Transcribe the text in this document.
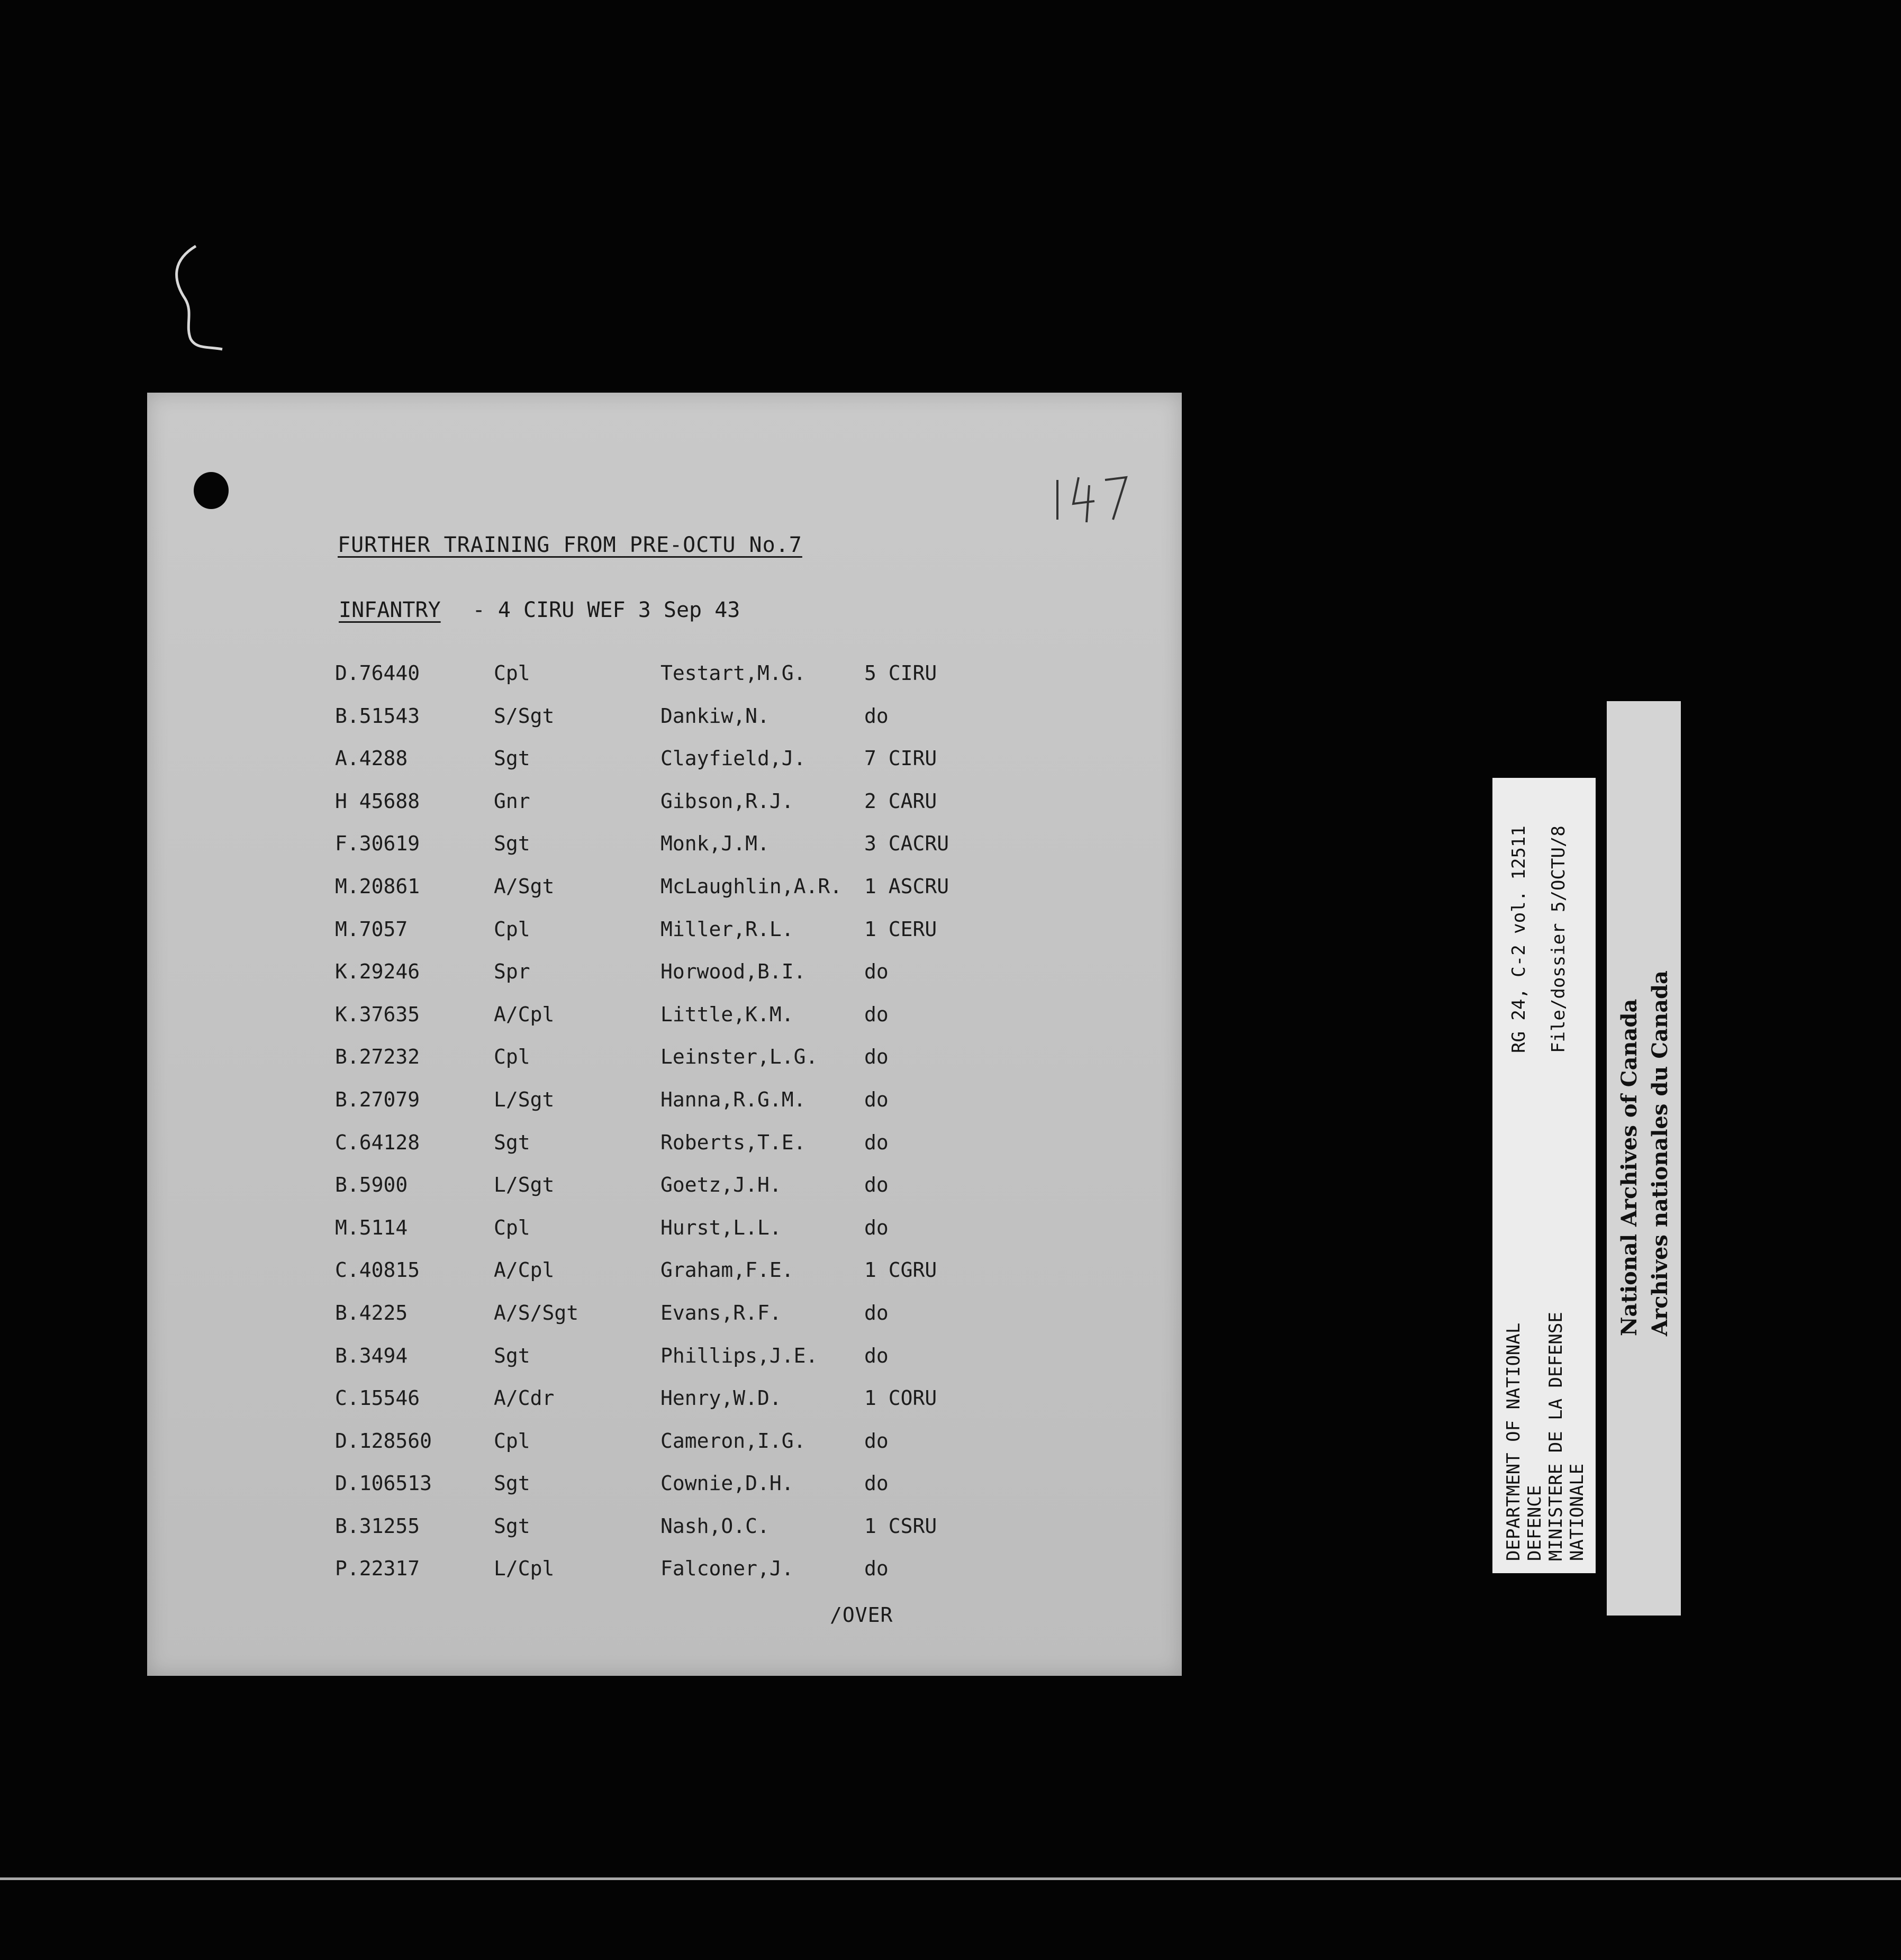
FURTHER TRAINING FROM PRE-OCTU No.7
INFANTRY - 4 CIRU WEF 3 Sep 43
D.76440	Cpl	Testart,M.G.	5 CIRU
B.51543	S/Sgt	Dankiw,N.	do
A.4288	Sgt	Clayfield,J.	7 CIRU
H 45688	Gnr	Gibson,R.J.	2 CARU
F.30619	Sgt	Monk,J.M.	3 CACRU
M.20861	A/Sgt	McLaughlin,A.R. 1 ASCRU
M.7057	Cpl	Miller,R.L.	1 CERU
K.29246	Spr	Horwood,B.I.	do
K.37635	A/Cpl	Little,K.M.	do
B.27232	Cpl	Leinster,L.G. do
B.27079	L/Sgt	Hanna,R.G.M.	do
C.64128	Sgt	Roberts,T.E.	do
B.5900	L/Sgt	Goetz,J.H.	do
M.5114	Cpl	Hurst,L.L.	do
C.40815	A/Cpl	Graham,F.E.	1 CGRU
B.4225	A/S/Sgt	Evans,R.F.	do
B.3494	Sgt	Phillips,J.E. do
C.15546	A/Cdr	Henry,W.D.	1 CORU
D.128560	Cpl	Cameron,I.G.	do
D.106513	Sgt	Cownie,D.H.	do
B.31255	Sgt	Nash,O.C.	1 CSRU
P.22317	L/Cpl	Falconer,J.	do
/OVER
DEPARTMENT OF NATIONAL DEFENCE MINISTERE DE LA DEFENSE NATIONALE
RG 24, C-2 vol. 12511 File/dossier 5/OCTU/8
National Archives of Canada Archives nationales du Canada
